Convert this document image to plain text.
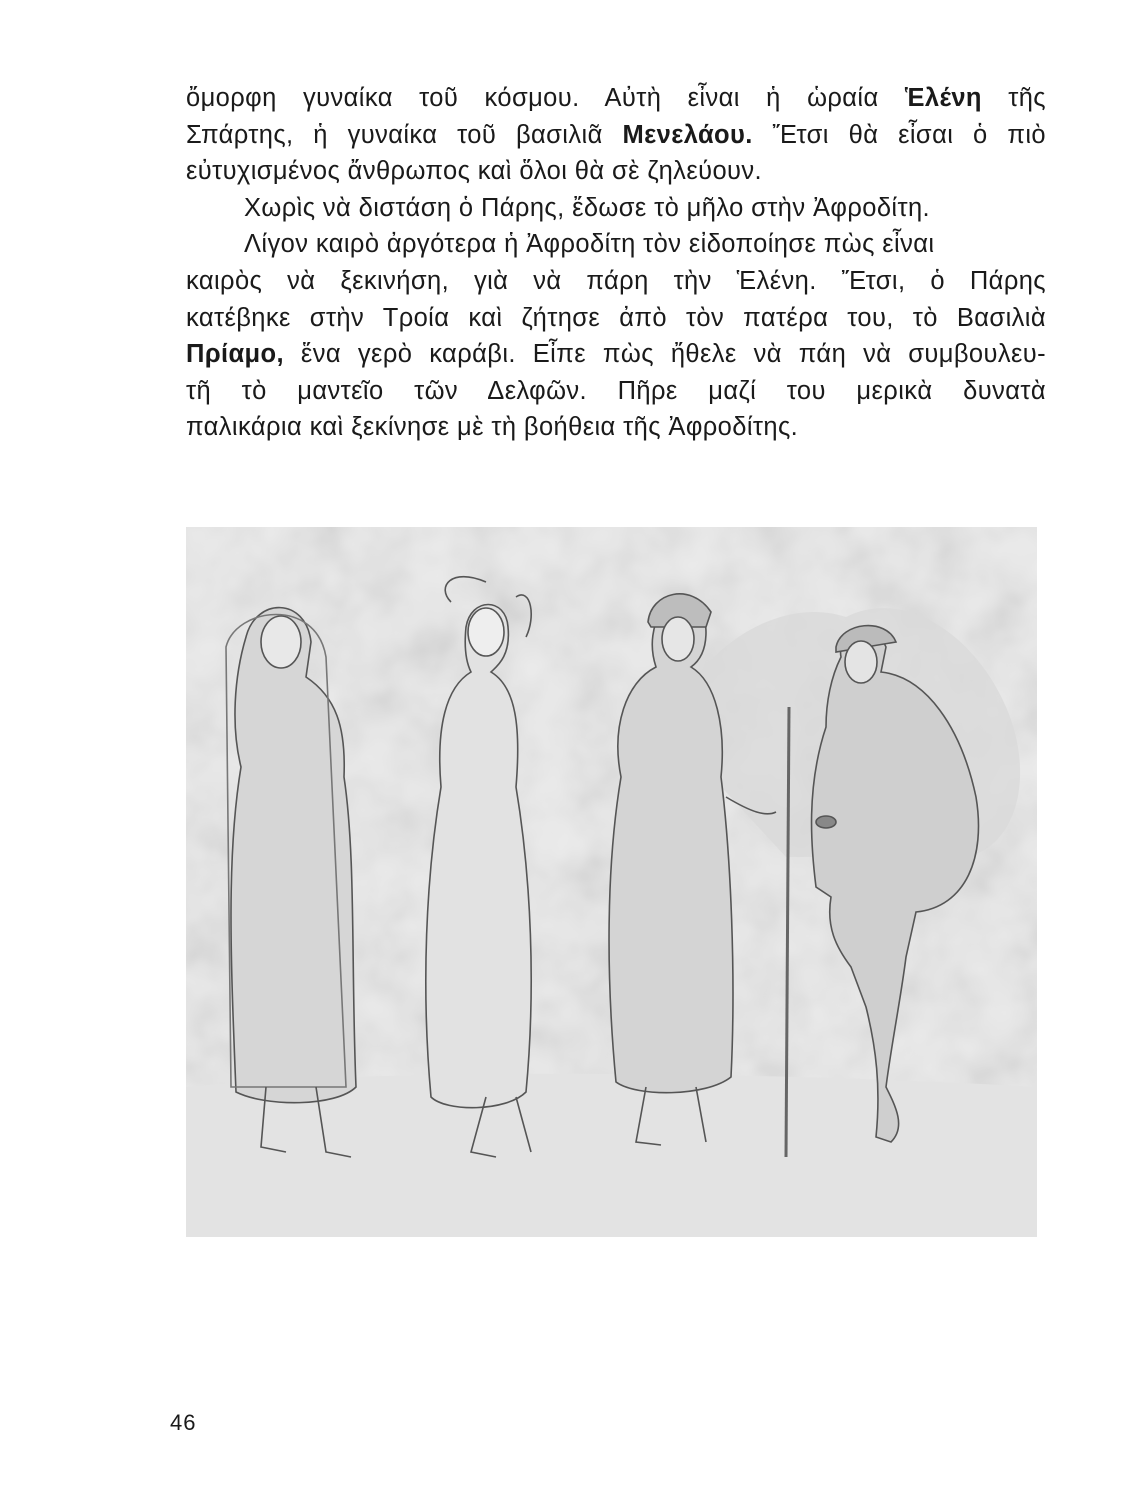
ὄμορφη γυναίκα τοῦ κόσμου. Αὐτὴ εἶναι ἡ ὡραία Ἑλένη τῆς
Σπάρτης, ἡ γυναίκα τοῦ βασιλιᾶ Μενελάου. Ἔτσι θὰ εἶσαι ὁ πιὸ
εὐτυχισμένος ἄνθρωπος καὶ ὅλοι θὰ σὲ ζηλεύουν.
Χωρὶς νὰ διστάση ὁ Πάρης, ἔδωσε τὸ μῆλο στὴν Ἀφροδίτη.
Λίγον καιρὸ ἀργότερα ἡ Ἀφροδίτη τὸν εἰδοποίησε πὼς εἶναι
καιρὸς νὰ ξεκινήση, γιὰ νὰ πάρη τὴν Ἑλένη. Ἔτσι, ὁ Πάρης
κατέβηκε στὴν Τροία καὶ ζήτησε ἀπὸ τὸν πατέρα του, τὸ Βασιλιὰ
Πρίαμο, ἕνα γερὸ καράβι. Εἶπε πὼς ἤθελε νὰ πάη νὰ συμβουλευ-
τῆ τὸ μαντεῖο τῶν Δελφῶν. Πῆρε μαζί του μερικὰ δυνατὰ
παλικάρια καὶ ξεκίνησε μὲ τὴ βοήθεια τῆς Ἀφροδίτης.
46
